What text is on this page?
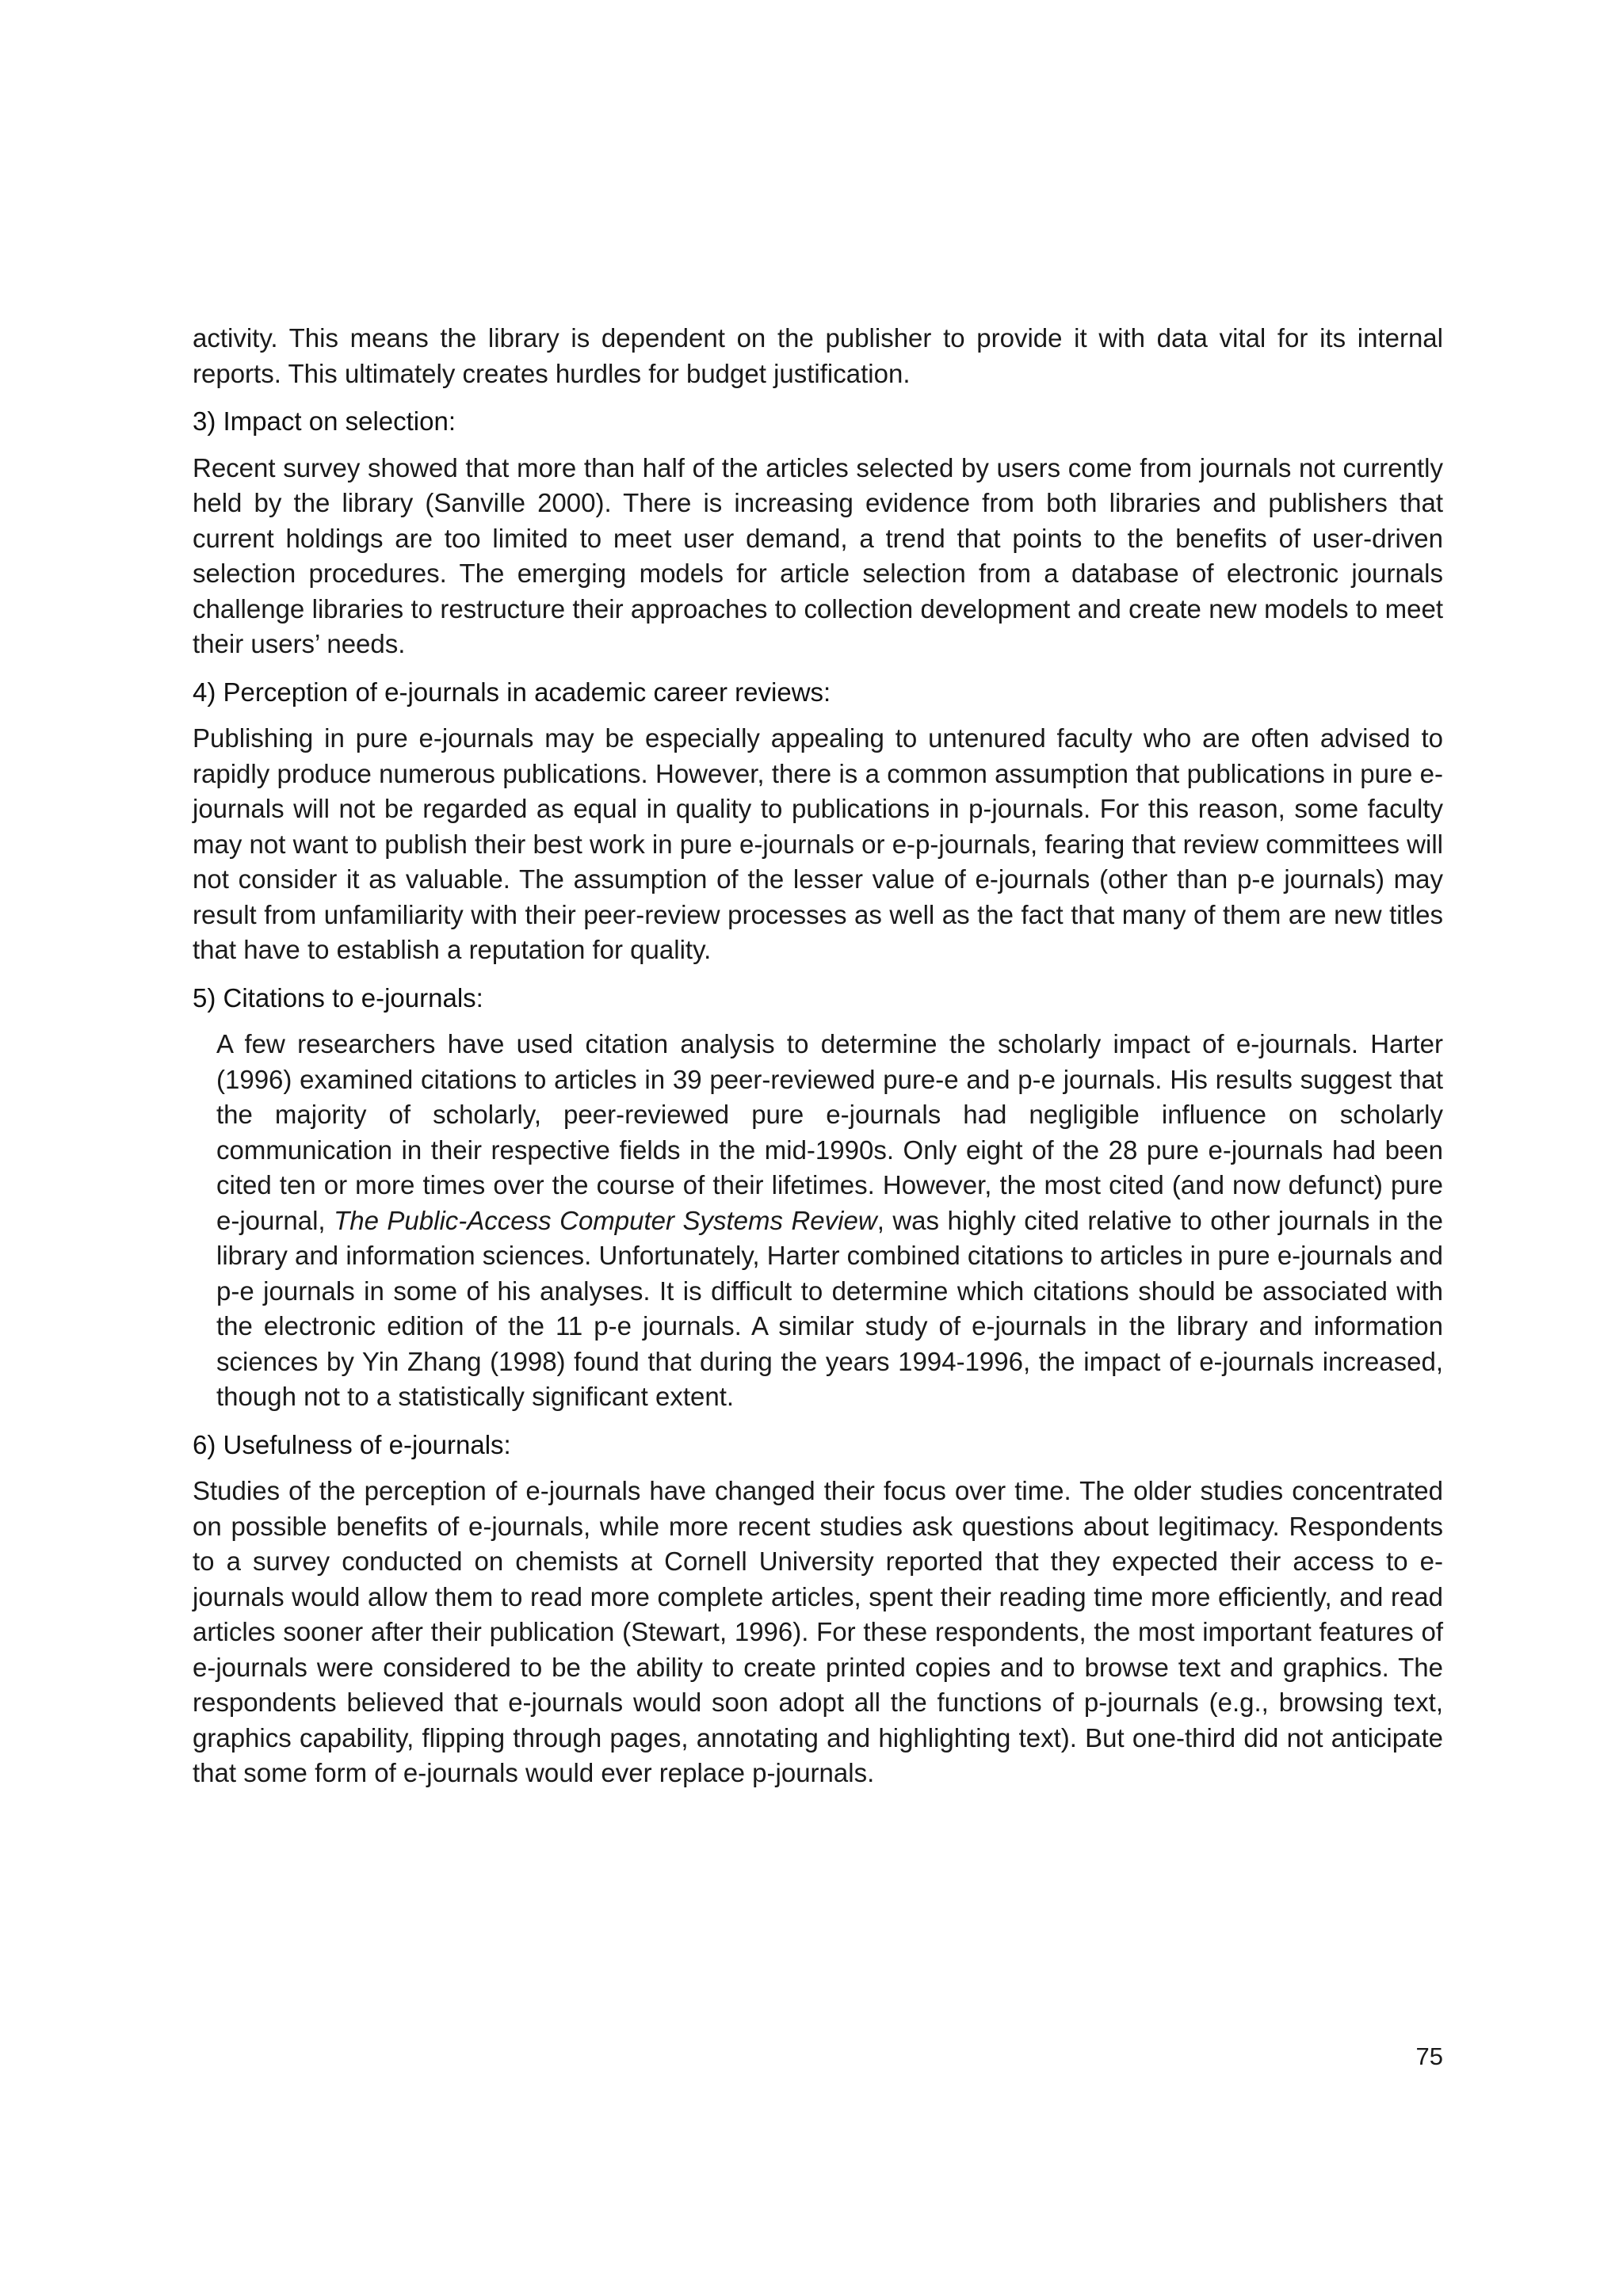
activity. This means the library is dependent on the publisher to provide it with data vital for its internal reports. This ultimately creates hurdles for budget justification.

3) Impact on selection:

Recent survey showed that more than half of the articles selected by users come from journals not currently held by the library (Sanville 2000). There is increasing evidence from both libraries and publishers that current holdings are too limited to meet user demand, a trend that points to the benefits of user-driven selection procedures. The emerging models for article selection from a database of electronic journals challenge libraries to restructure their approaches to collection development and create new models to meet their users’ needs.

4) Perception of e-journals in academic career reviews:

Publishing in pure e-journals may be especially appealing to untenured faculty who are often advised to rapidly produce numerous publications. However, there is a common assumption that publications in pure e-journals will not be regarded as equal in quality to publications in p-journals. For this reason, some faculty may not want to publish their best work in pure e-journals or e-p-journals, fearing that review committees will not consider it as valuable. The assumption of the lesser value of e-journals (other than p-e journals) may result from unfamiliarity with their peer-review processes as well as the fact that many of them are new titles that have to establish a reputation for quality.

5) Citations to e-journals:

A few researchers have used citation analysis to determine the scholarly impact of e-journals. Harter (1996) examined citations to articles in 39 peer-reviewed pure-e and p-e journals. His results suggest that the majority of scholarly, peer-reviewed pure e-journals had negligible influence on scholarly communication in their respective fields in the mid-1990s. Only eight of the 28 pure e-journals had been cited ten or more times over the course of their lifetimes. However, the most cited (and now defunct) pure e-journal, The Public-Access Computer Systems Review, was highly cited relative to other journals in the library and information sciences. Unfortunately, Harter combined citations to articles in pure e-journals and p-e journals in some of his analyses. It is difficult to determine which citations should be associated with the electronic edition of the 11 p-e journals. A similar study of e-journals in the library and information sciences by Yin Zhang (1998) found that during the years 1994-1996, the impact of e-journals increased, though not to a statistically significant extent.

6) Usefulness of e-journals:

Studies of the perception of e-journals have changed their focus over time. The older studies concentrated on possible benefits of e-journals, while more recent studies ask questions about legitimacy. Respondents to a survey conducted on chemists at Cornell University reported that they expected their access to e-journals would allow them to read more complete articles, spent their reading time more efficiently, and read articles sooner after their publication (Stewart, 1996). For these respondents, the most important features of e-journals were considered to be the ability to create printed copies and to browse text and graphics. The respondents believed that e-journals would soon adopt all the functions of p-journals (e.g., browsing text, graphics capability, flipping through pages, annotating and highlighting text). But one-third did not anticipate that some form of e-journals would ever replace p-journals.

75
